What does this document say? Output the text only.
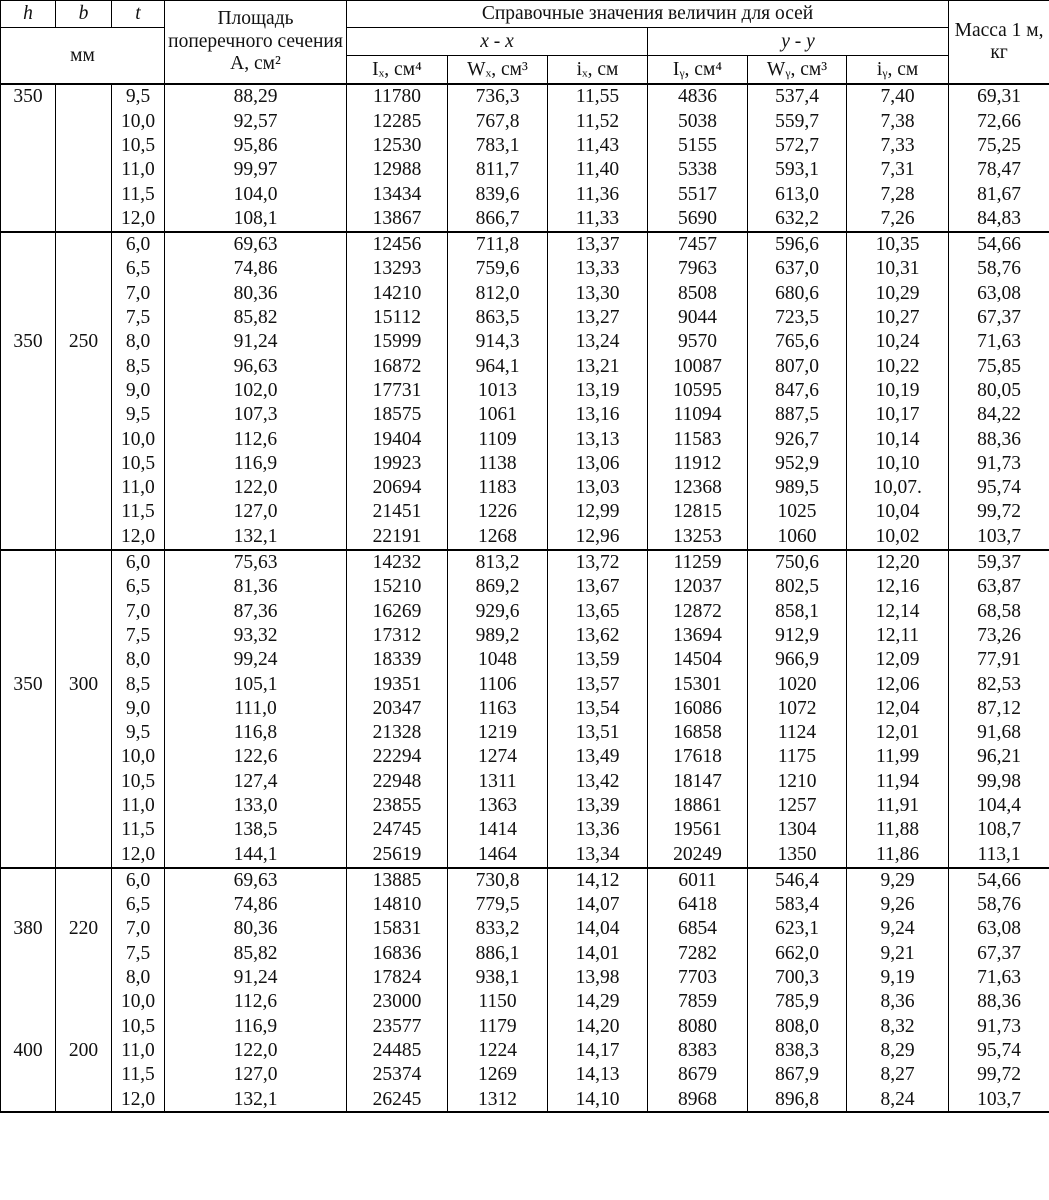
h	b	t	Площадь поперечного сечения A, см²	Справочные значения величин для осей						Масса 1 м, кг
мм				x - x			y - y			
				Iₓ, см⁴	Wₓ, см³	iₓ, см	Iᵧ, см⁴	Wᵧ, см³	iᵧ, см	
350		9,5	88,29	11780	736,3	11,55	4836	537,4	7,40	69,31
		10,0	92,57	12285	767,8	11,52	5038	559,7	7,38	72,66
		10,5	95,86	12530	783,1	11,43	5155	572,7	7,33	75,25
		11,0	99,97	12988	811,7	11,40	5338	593,1	7,31	78,47
		11,5	104,0	13434	839,6	11,36	5517	613,0	7,28	81,67
		12,0	108,1	13867	866,7	11,33	5690	632,2	7,26	84,83
		6,0	69,63	12456	711,8	13,37	7457	596,6	10,35	54,66
		6,5	74,86	13293	759,6	13,33	7963	637,0	10,31	58,76
		7,0	80,36	14210	812,0	13,30	8508	680,6	10,29	63,08
		7,5	85,82	15112	863,5	13,27	9044	723,5	10,27	67,37
350	250	8,0	91,24	15999	914,3	13,24	9570	765,6	10,24	71,63
		8,5	96,63	16872	964,1	13,21	10087	807,0	10,22	75,85
		9,0	102,0	17731	1013	13,19	10595	847,6	10,19	80,05
		9,5	107,3	18575	1061	13,16	11094	887,5	10,17	84,22
		10,0	112,6	19404	1109	13,13	11583	926,7	10,14	88,36
		10,5	116,9	19923	1138	13,06	11912	952,9	10,10	91,73
		11,0	122,0	20694	1183	13,03	12368	989,5	10,07.	95,74
		11,5	127,0	21451	1226	12,99	12815	1025	10,04	99,72
		12,0	132,1	22191	1268	12,96	13253	1060	10,02	103,7
		6,0	75,63	14232	813,2	13,72	11259	750,6	12,20	59,37
		6,5	81,36	15210	869,2	13,67	12037	802,5	12,16	63,87
		7,0	87,36	16269	929,6	13,65	12872	858,1	12,14	68,58
		7,5	93,32	17312	989,2	13,62	13694	912,9	12,11	73,26
		8,0	99,24	18339	1048	13,59	14504	966,9	12,09	77,91
350	300	8,5	105,1	19351	1106	13,57	15301	1020	12,06	82,53
		9,0	111,0	20347	1163	13,54	16086	1072	12,04	87,12
		9,5	116,8	21328	1219	13,51	16858	1124	12,01	91,68
		10,0	122,6	22294	1274	13,49	17618	1175	11,99	96,21
		10,5	127,4	22948	1311	13,42	18147	1210	11,94	99,98
		11,0	133,0	23855	1363	13,39	18861	1257	11,91	104,4
		11,5	138,5	24745	1414	13,36	19561	1304	11,88	108,7
		12,0	144,1	25619	1464	13,34	20249	1350	11,86	113,1
		6,0	69,63	13885	730,8	14,12	6011	546,4	9,29	54,66
		6,5	74,86	14810	779,5	14,07	6418	583,4	9,26	58,76
380	220	7,0	80,36	15831	833,2	14,04	6854	623,1	9,24	63,08
		7,5	85,82	16836	886,1	14,01	7282	662,0	9,21	67,37
		8,0	91,24	17824	938,1	13,98	7703	700,3	9,19	71,63
		10,0	112,6	23000	1150	14,29	7859	785,9	8,36	88,36
		10,5	116,9	23577	1179	14,20	8080	808,0	8,32	91,73
400	200	11,0	122,0	24485	1224	14,17	8383	838,3	8,29	95,74
		11,5	127,0	25374	1269	14,13	8679	867,9	8,27	99,72
		12,0	132,1	26245	1312	14,10	8968	896,8	8,24	103,7
